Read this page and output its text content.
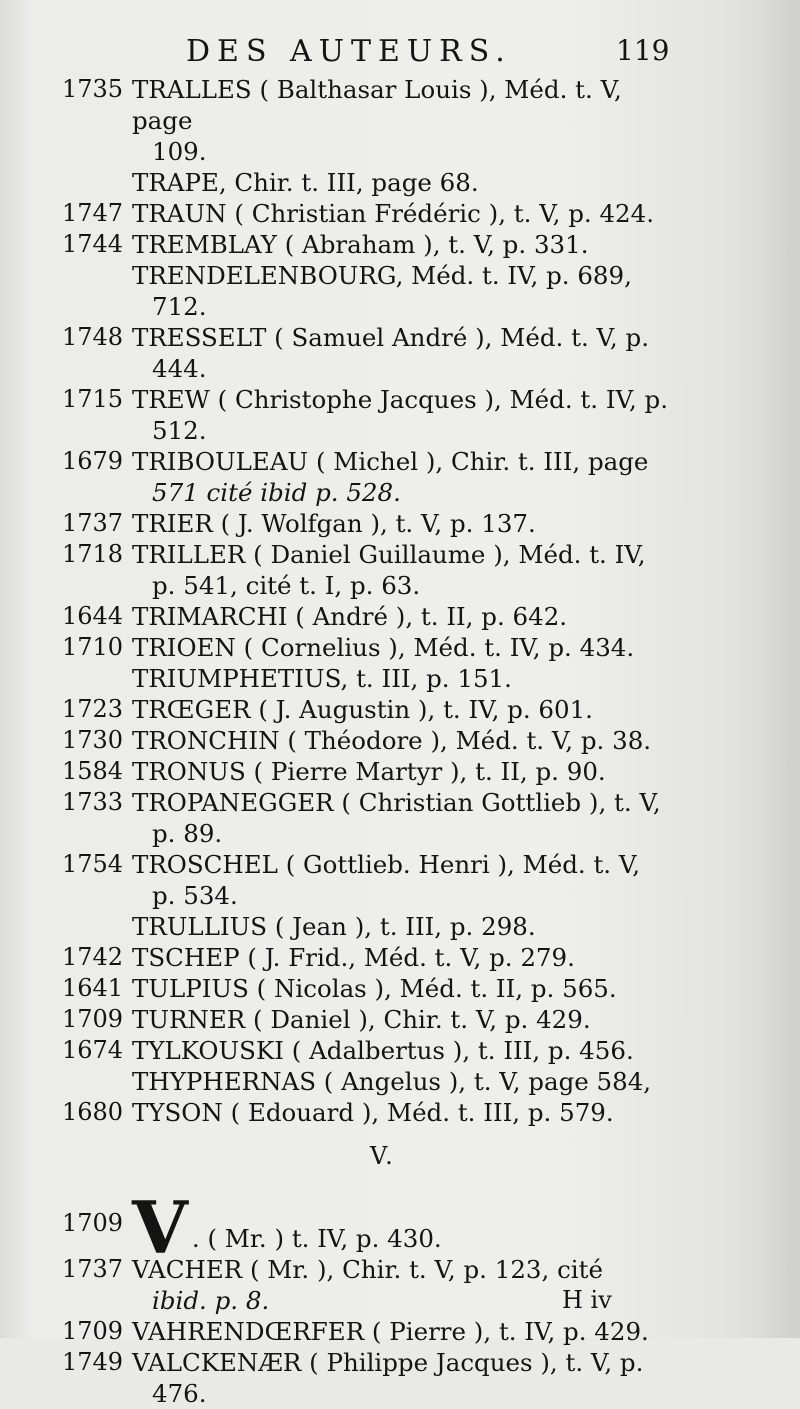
DES AUTEURS.	119
1735 TRALLES ( Balthasar Louis ), Méd. t. V, page
109.
TRAPE, Chir. t. III, page 68.
1747 TRAUN ( Christian Frédéric ), t. V, p. 424.
1744 TREMBLAY ( Abraham ), t. V, p. 331.
TRENDELENBOURG, Méd. t. IV, p. 689,
712.
1748 TRESSELT ( Samuel André ), Méd. t. V, p.
444.
1715 TREW ( Christophe Jacques ), Méd. t. IV, p.
512.
1679 TRIBOULEAU ( Michel ), Chir. t. III, page
571 cité ibid p. 528.
1737 TRIER ( J. Wolfgan ), t. V, p. 137.
1718 TRILLER ( Daniel Guillaume ), Méd. t. IV,
p. 541, cité t. I, p. 63.
1644 TRIMARCHI ( André ), t. II, p. 642.
1710 TRIOEN ( Cornelius ), Méd. t. IV, p. 434.
TRIUMPHETIUS, t. III, p. 151.
1723 TRŒGER ( J. Augustin ), t. IV, p. 601.
1730 TRONCHIN ( Théodore ), Méd. t. V, p. 38.
1584 TRONUS ( Pierre Martyr ), t. II, p. 90.
1733 TROPANEGGER ( Christian Gottlieb ), t. V,
p. 89.
1754 TROSCHEL ( Gottlieb. Henri ), Méd. t. V,
p. 534.
TRULLIUS ( Jean ), t. III, p. 298.
1742 TSCHEP ( J. Frid., Méd. t. V, p. 279.
1641 TULPIUS ( Nicolas ), Méd. t. II, p. 565.
1709 TURNER ( Daniel ), Chir. t. V, p. 429.
1674 TYLKOUSKI ( Adalbertus ), t. III, p. 456.
THYPHERNAS ( Angelus ), t. V, page 584,
1680 TYSON ( Edouard ), Méd. t. III, p. 579.
V.
1709 V . ( Mr. ) t. IV, p. 430.
1737 VACHER ( Mr. ), Chir. t. V, p. 123, cité
ibid. p. 8.
1709 VAHRENDŒRFER ( Pierre ), t. IV, p. 429.
1749 VALCKENÆR ( Philippe Jacques ), t. V, p.
476.
H iv
